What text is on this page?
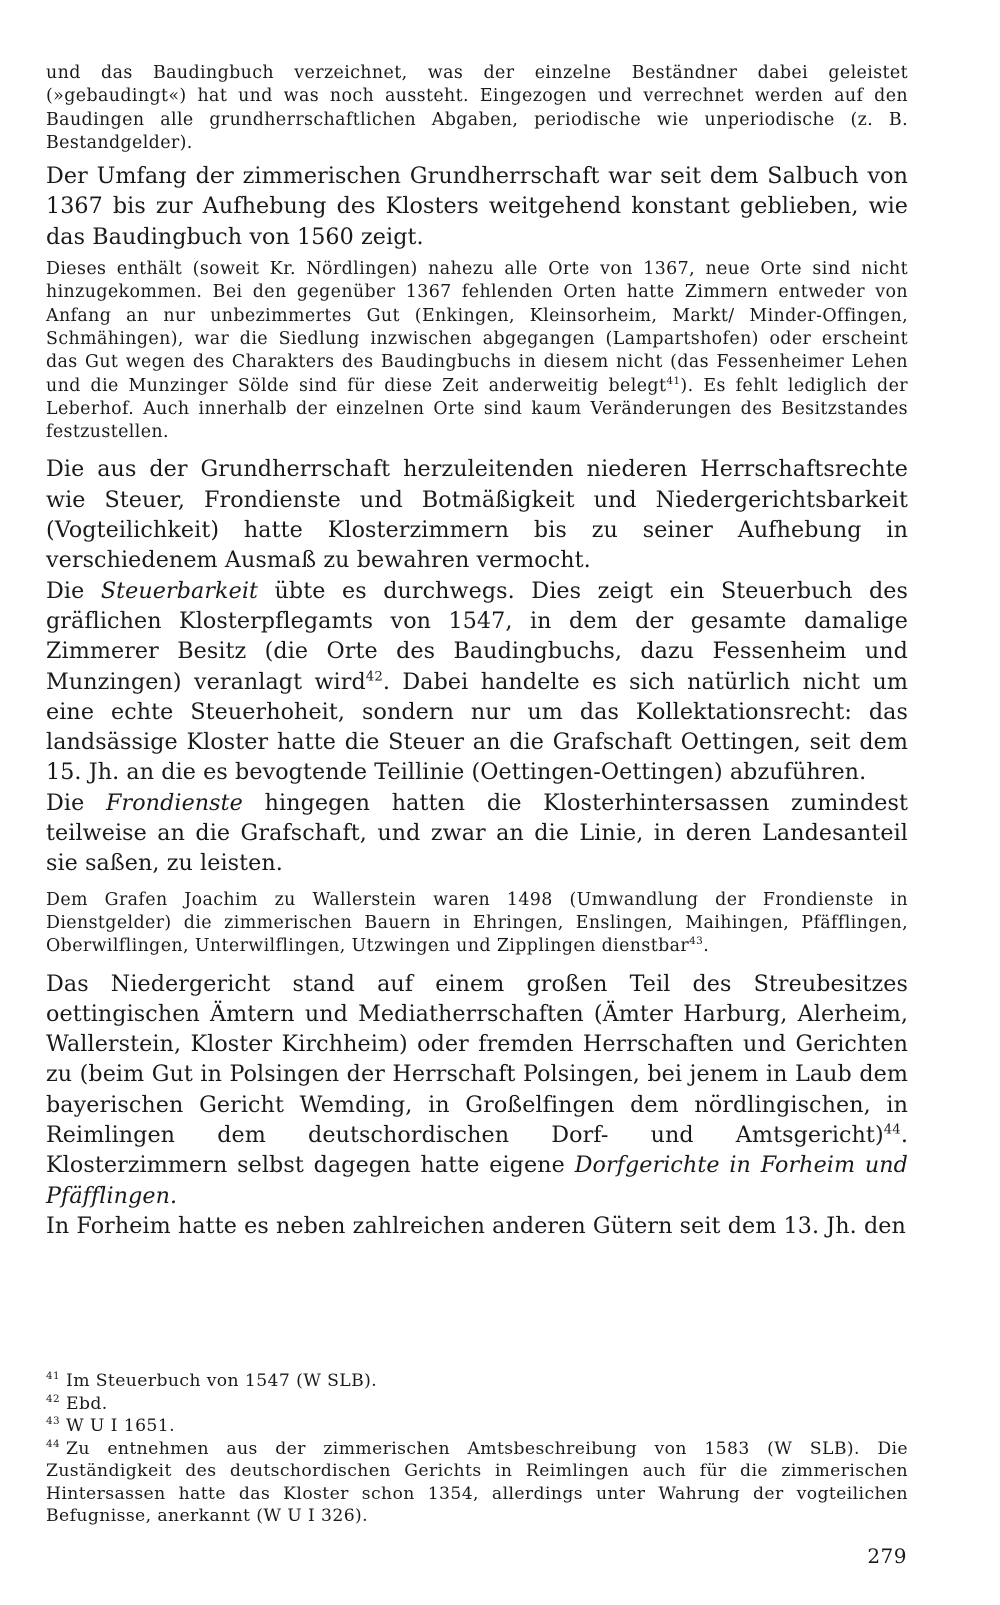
und das Baudingbuch verzeichnet, was der einzelne Beständner dabei geleistet (»gebaudingt«) hat und was noch aussteht. Eingezogen und verrechnet werden auf den Baudingen alle grundherrschaftlichen Abgaben, periodische wie unperiodische (z. B. Bestandgelder).

Der Umfang der zimmerischen Grundherrschaft war seit dem Salbuch von 1367 bis zur Aufhebung des Klosters weitgehend konstant geblieben, wie das Baudingbuch von 1560 zeigt.

Dieses enthält (soweit Kr. Nördlingen) nahezu alle Orte von 1367, neue Orte sind nicht hinzugekommen. Bei den gegenüber 1367 fehlenden Orten hatte Zimmern entweder von Anfang an nur unbezimmertes Gut (Enkingen, Kleinsorheim, Markt/ Minder-Offingen, Schmähingen), war die Siedlung inzwischen abgegangen (Lampartshofen) oder erscheint das Gut wegen des Charakters des Baudingbuchs in diesem nicht (das Fessenheimer Lehen und die Munzinger Sölde sind für diese Zeit anderweitig belegt$^{41}$). Es fehlt lediglich der Leberhof. Auch innerhalb der einzelnen Orte sind kaum Veränderungen des Besitzstandes festzustellen.

Die aus der Grundherrschaft herzuleitenden niederen Herrschaftsrechte wie Steuer, Frondienste und Botmäßigkeit und Niedergerichtsbarkeit (Vogteilichkeit) hatte Klosterzimmern bis zu seiner Aufhebung in verschiedenem Ausmaß zu bewahren vermocht.

Die Steuerbarkeit übte es durchwegs. Dies zeigt ein Steuerbuch des gräflichen Klosterpflegamts von 1547, in dem der gesamte damalige Zimmerer Besitz (die Orte des Baudingbuchs, dazu Fessenheim und Munzingen) veranlagt wird$^{42}$. Dabei handelte es sich natürlich nicht um eine echte Steuerhoheit, sondern nur um das Kollektationsrecht: das landsässige Kloster hatte die Steuer an die Grafschaft Oettingen, seit dem 15. Jh. an die es bevogtende Teillinie (Oettingen-Oettingen) abzuführen.

Die Frondienste hingegen hatten die Klosterhintersassen zumindest teilweise an die Grafschaft, und zwar an die Linie, in deren Landesanteil sie saßen, zu leisten.

Dem Grafen Joachim zu Wallerstein waren 1498 (Umwandlung der Frondienste in Dienstgelder) die zimmerischen Bauern in Ehringen, Enslingen, Maihingen, Pfäfflingen, Oberwilflingen, Unterwilflingen, Utzwingen und Zipplingen dienstbar$^{43}$.

Das Niedergericht stand auf einem großen Teil des Streubesitzes oettingischen Ämtern und Mediatherrschaften (Ämter Harburg, Alerheim, Wallerstein, Kloster Kirchheim) oder fremden Herrschaften und Gerichten zu (beim Gut in Polsingen der Herrschaft Polsingen, bei jenem in Laub dem bayerischen Gericht Wemding, in Großelfingen dem nördlingischen, in Reimlingen dem deutschordischen Dorf- und Amtsgericht)$^{44}$. Klosterzimmern selbst dagegen hatte eigene Dorfgerichte in Forheim und Pfäfflingen.

In Forheim hatte es neben zahlreichen anderen Gütern seit dem 13. Jh. den

41 Im Steuerbuch von 1547 (W SLB).

42 Ebd.

43 W U I 1651.

44 Zu entnehmen aus der zimmerischen Amtsbeschreibung von 1583 (W SLB). Die Zuständigkeit des deutschordischen Gerichts in Reimlingen auch für die zimmerischen Hintersassen hatte das Kloster schon 1354, allerdings unter Wahrung der vogteilichen Befugnisse, anerkannt (W U I 326).

279
